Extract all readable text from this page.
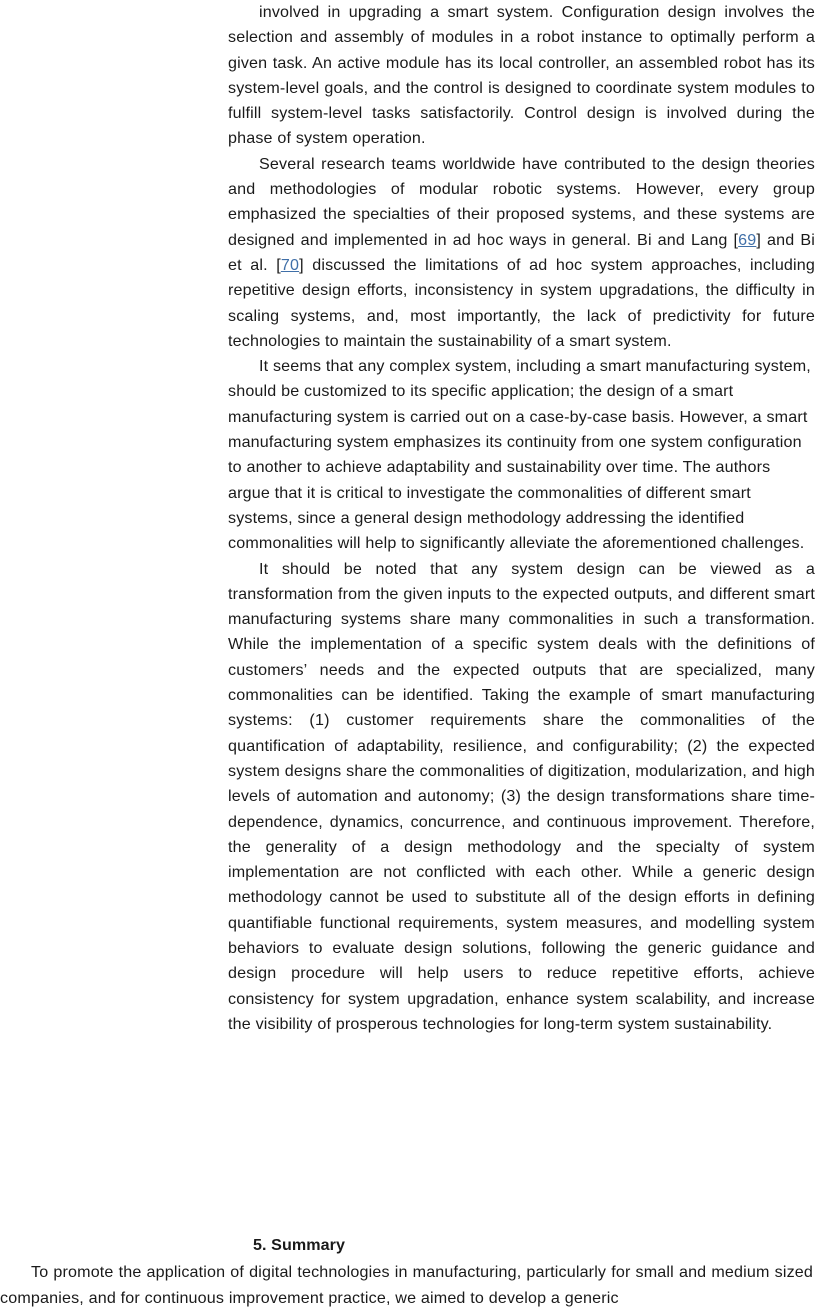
involved in upgrading a smart system. Configuration design involves the selection and assembly of modules in a robot instance to optimally perform a given task. An active module has its local controller, an assembled robot has its system-level goals, and the control is designed to coordinate system modules to fulfill system-level tasks satisfactorily. Control design is involved during the phase of system operation.

Several research teams worldwide have contributed to the design theories and methodologies of modular robotic systems. However, every group emphasized the specialties of their proposed systems, and these systems are designed and implemented in ad hoc ways in general. Bi and Lang [69] and Bi et al. [70] discussed the limitations of ad hoc system approaches, including repetitive design efforts, inconsistency in system upgradations, the difficulty in scaling systems, and, most importantly, the lack of predictivity for future technologies to maintain the sustainability of a smart system.

It seems that any complex system, including a smart manufacturing system, should be customized to its specific application; the design of a smart manufacturing system is carried out on a case-by-case basis. However, a smart manufacturing system emphasizes its continuity from one system configuration to another to achieve adaptability and sustainability over time. The authors argue that it is critical to investigate the commonalities of different smart systems, since a general design methodology addressing the identified commonalities will help to significantly alleviate the aforementioned challenges.

It should be noted that any system design can be viewed as a transformation from the given inputs to the expected outputs, and different smart manufacturing systems share many commonalities in such a transformation. While the implementation of a specific system deals with the definitions of customers’ needs and the expected outputs that are specialized, many commonalities can be identified. Taking the example of smart manufacturing systems: (1) customer requirements share the commonalities of the quantification of adaptability, resilience, and configurability; (2) the expected system designs share the commonalities of digitization, modularization, and high levels of automation and autonomy; (3) the design transformations share time-dependence, dynamics, concurrence, and continuous improvement. Therefore, the generality of a design methodology and the specialty of system implementation are not conflicted with each other. While a generic design methodology cannot be used to substitute all of the design efforts in defining quantifiable functional requirements, system measures, and modelling system behaviors to evaluate design solutions, following the generic guidance and design procedure will help users to reduce repetitive efforts, achieve consistency for system upgradation, enhance system scalability, and increase the visibility of prosperous technologies for long-term system sustainability.

5. Summary

To promote the application of digital technologies in manufacturing, particularly for small and medium sized companies, and for continuous improvement practice, we aimed to develop a generic
